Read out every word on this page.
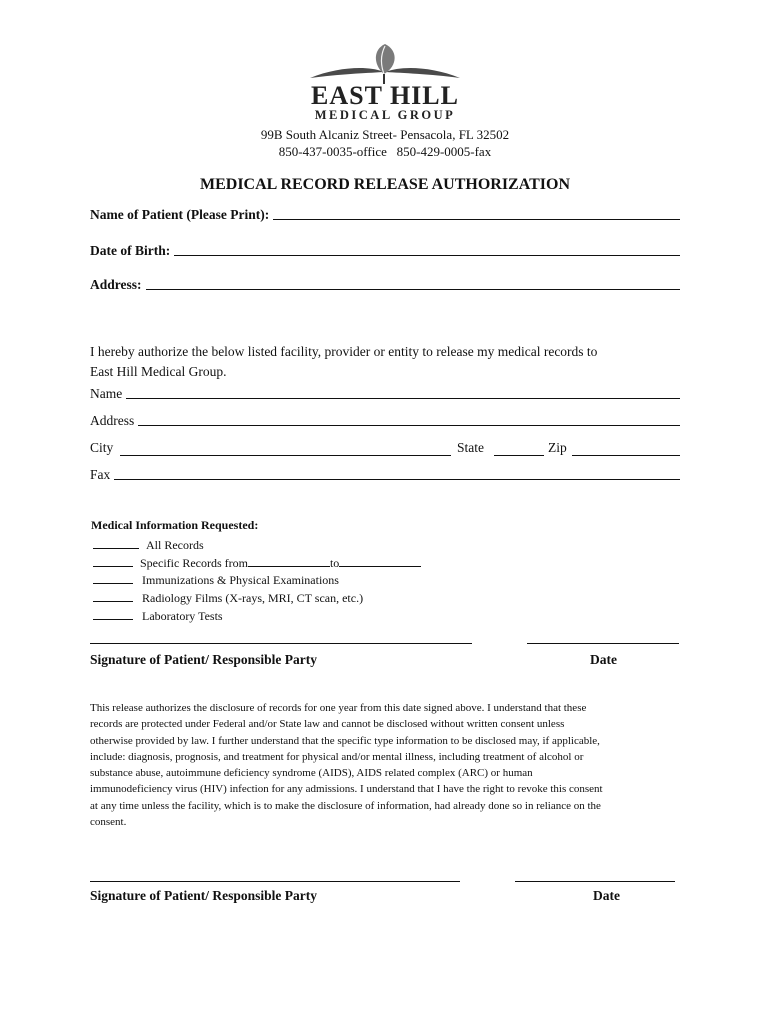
EAST HILL
MEDICAL GROUP
99B South Alcaniz Street- Pensacola, FL 32502
850-437-0035-office   850-429-0005-fax
MEDICAL RECORD RELEASE AUTHORIZATION
Name of Patient (Please Print):
Date of Birth:
Address:
I hereby authorize the below listed facility, provider or entity to release my medical records to
East Hill Medical Group.
Name
Address
City	State	Zip
Fax
Medical Information Requested:
All Records
Specific Records from	to
Immunizations & Physical Examinations
Radiology Films (X-rays, MRI, CT scan, etc.)
Laboratory Tests
Signature of Patient/ Responsible Party	Date
This release authorizes the disclosure of records for one year from this date signed above. I understand that these
records are protected under Federal and/or State law and cannot be disclosed without written consent unless
otherwise provided by law. I further understand that the specific type information to be disclosed may, if applicable,
include: diagnosis, prognosis, and treatment for physical and/or mental illness, including treatment of alcohol or
substance abuse, autoimmune deficiency syndrome (AIDS), AIDS related complex (ARC) or human
immunodeficiency virus (HIV) infection for any admissions. I understand that I have the right to revoke this consent
at any time unless the facility, which is to make the disclosure of information, had already done so in reliance on the
consent.
Signature of Patient/ Responsible Party	Date
